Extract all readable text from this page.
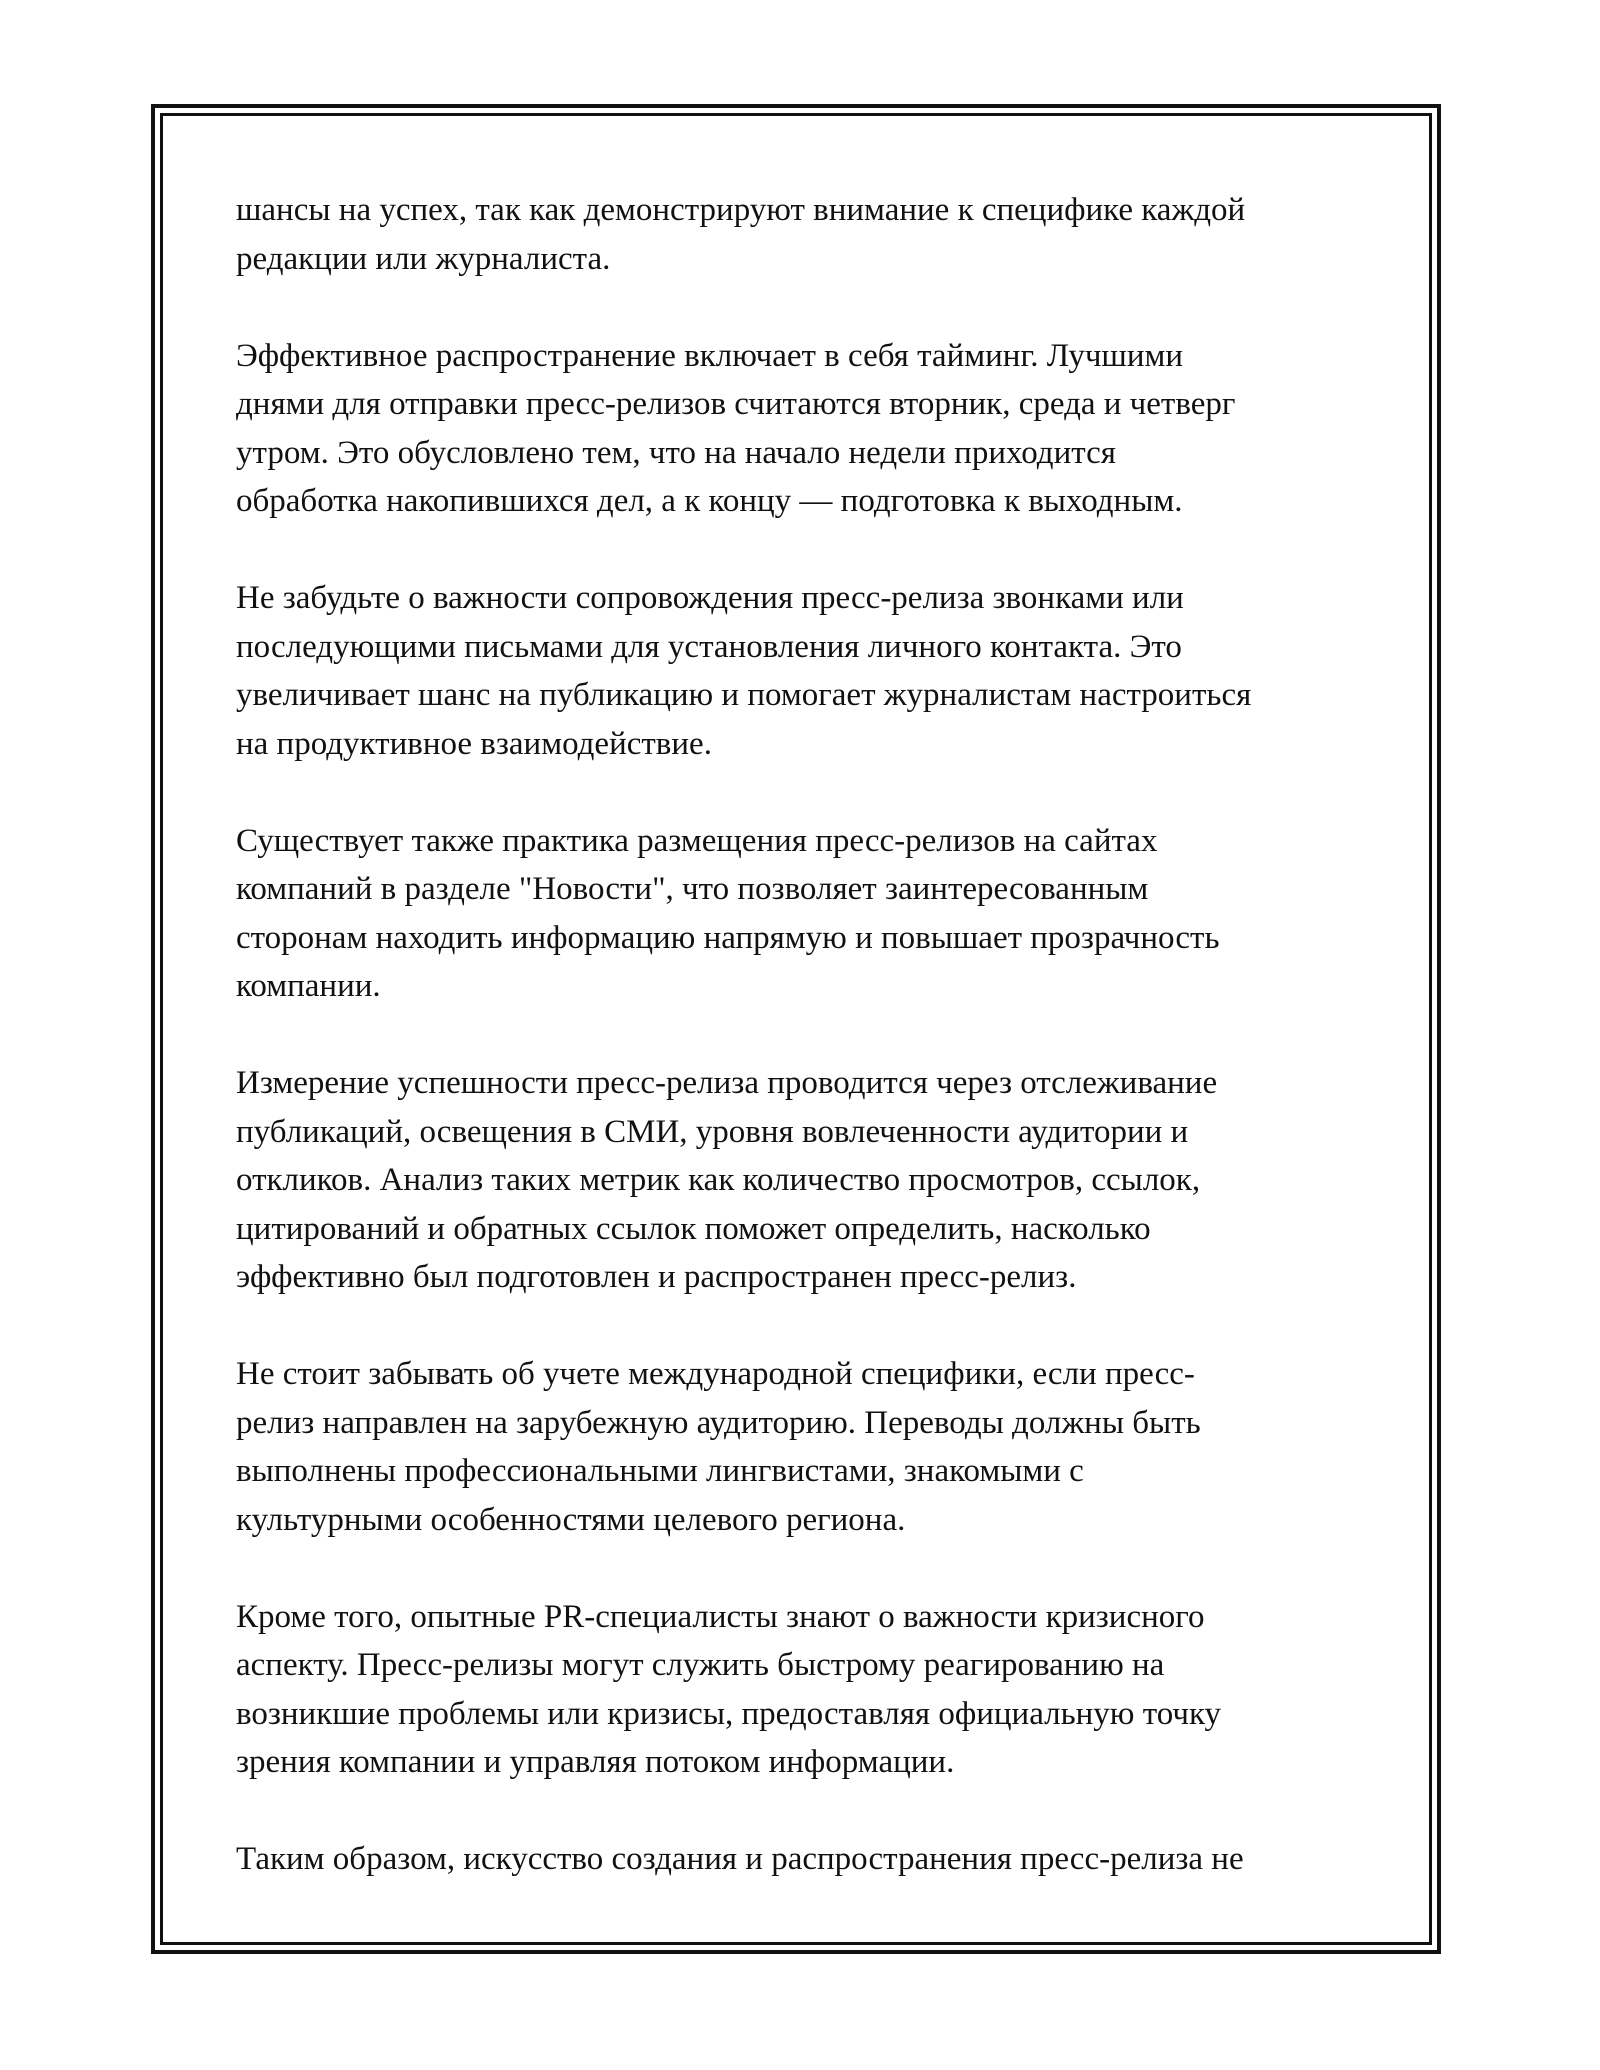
шансы на успех, так как демонстрируют внимание к специфике каждой
редакции или журналиста.

Эффективное распространение включает в себя тайминг. Лучшими
днями для отправки пресс-релизов считаются вторник, среда и четверг
утром. Это обусловлено тем, что на начало недели приходится
обработка накопившихся дел, а к концу — подготовка к выходным.

Не забудьте о важности сопровождения пресс-релиза звонками или
последующими письмами для установления личного контакта. Это
увеличивает шанс на публикацию и помогает журналистам настроиться
на продуктивное взаимодействие.

Существует также практика размещения пресс-релизов на сайтах
компаний в разделе "Новости", что позволяет заинтересованным
сторонам находить информацию напрямую и повышает прозрачность
компании.

Измерение успешности пресс-релиза проводится через отслеживание
публикаций, освещения в СМИ, уровня вовлеченности аудитории и
откликов. Анализ таких метрик как количество просмотров, ссылок,
цитирований и обратных ссылок поможет определить, насколько
эффективно был подготовлен и распространен пресс-релиз.

Не стоит забывать об учете международной специфики, если пресс-
релиз направлен на зарубежную аудиторию. Переводы должны быть
выполнены профессиональными лингвистами, знакомыми с
культурными особенностями целевого региона.

Кроме того, опытные PR-специалисты знают о важности кризисного
аспекту. Пресс-релизы могут служить быстрому реагированию на
возникшие проблемы или кризисы, предоставляя официальную точку
зрения компании и управляя потоком информации.

Таким образом, искусство создания и распространения пресс-релиза не
